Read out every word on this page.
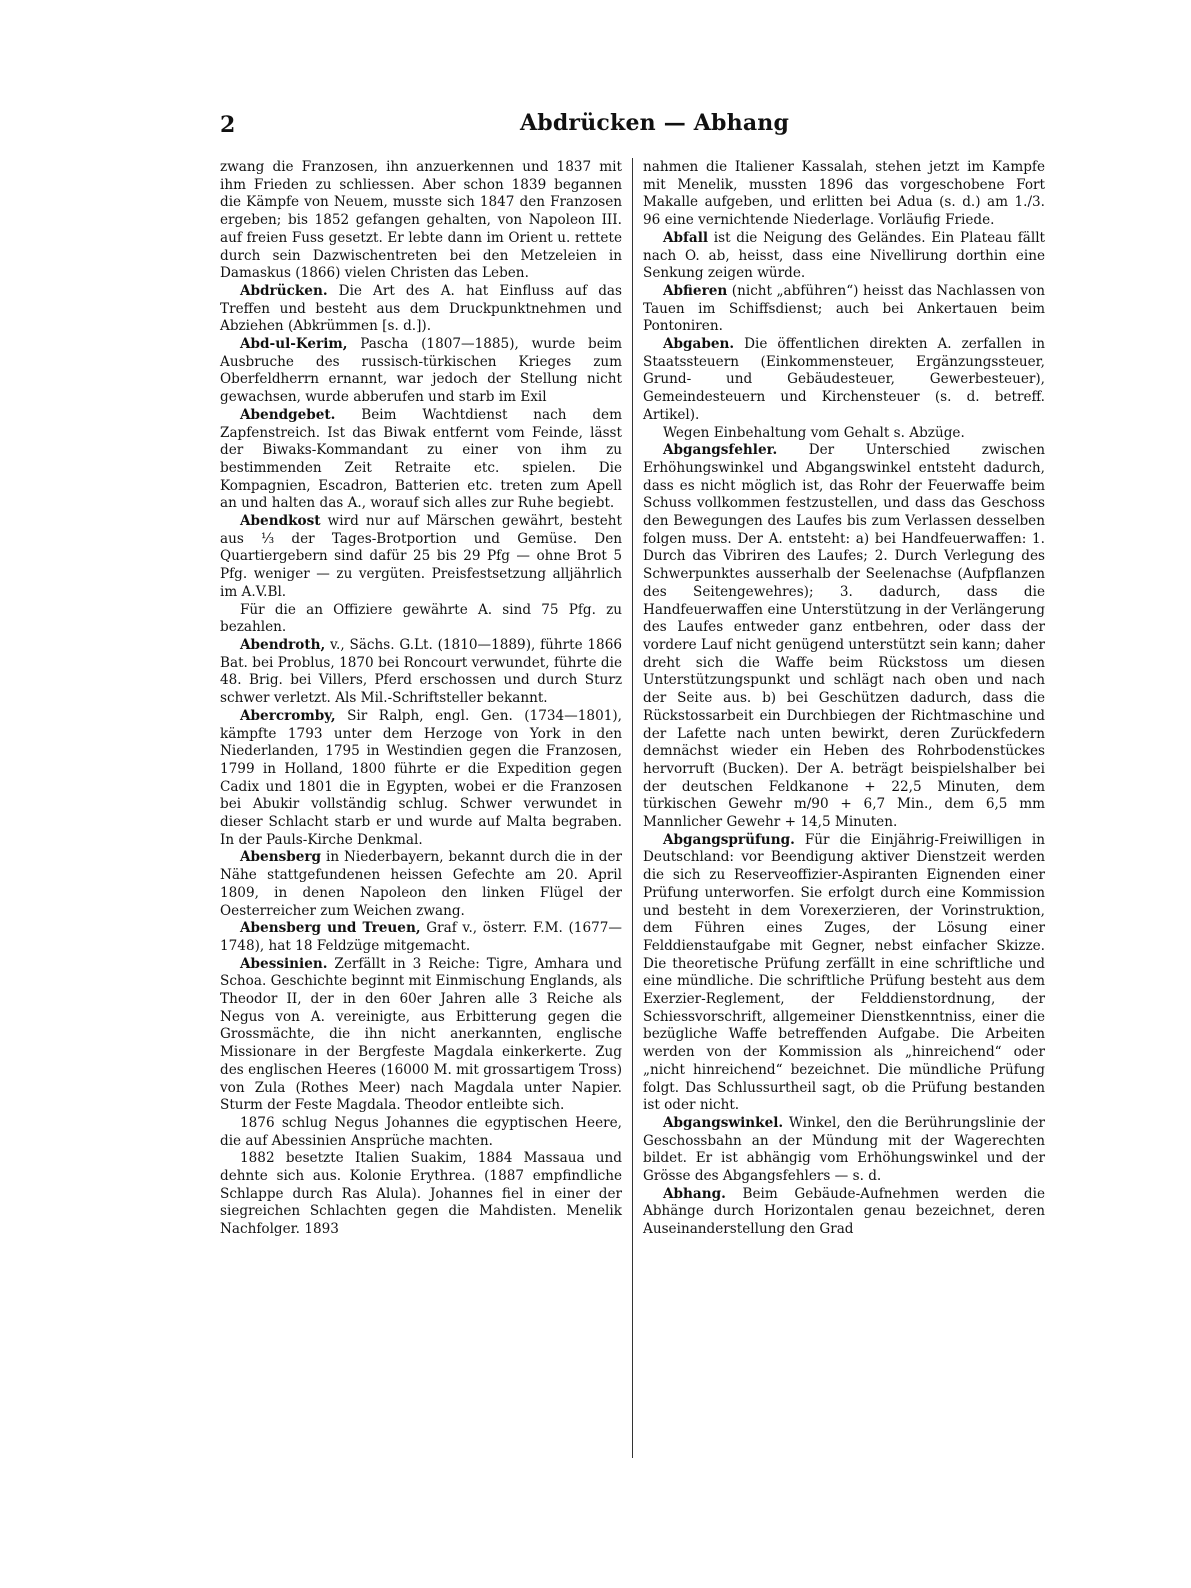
2	Abdrücken — Abhang

zwang die Franzosen, ihn anzuerkennen und 1837 mit ihm Frieden zu schliessen. Aber schon 1839 begannen die Kämpfe von Neuem, musste sich 1847 den Franzosen ergeben; bis 1852 gefangen gehalten, von Napoleon III. auf freien Fuss gesetzt. Er lebte dann im Orient u. rettete durch sein Dazwischentreten bei den Metzeleien in Damaskus (1866) vielen Christen das Leben.

Abdrücken. Die Art des A. hat Einfluss auf das Treffen und besteht aus dem Druckpunktnehmen und Abziehen (Abkrümmen [s. d.]).

Abd-ul-Kerim, Pascha (1807—1885), wurde beim Ausbruche des russisch-türkischen Krieges zum Oberfeldherrn ernannt, war jedoch der Stellung nicht gewachsen, wurde abberufen und starb im Exil

Abendgebet. Beim Wachtdienst nach dem Zapfenstreich. Ist das Biwak entfernt vom Feinde, lässt der Biwaks-Kommandant zu einer von ihm zu bestimmenden Zeit Retraite etc. spielen. Die Kompagnien, Escadron, Batterien etc. treten zum Apell an und halten das A., worauf sich alles zur Ruhe begiebt.

Abendkost wird nur auf Märschen gewährt, besteht aus ⅓ der Tages-Brotportion und Gemüse. Den Quartiergebern sind dafür 25 bis 29 Pfg — ohne Brot 5 Pfg. weniger — zu vergüten. Preisfestsetzung alljährlich im A.V.Bl.

Für die an Offiziere gewährte A. sind 75 Pfg. zu bezahlen.

Abendroth, v., Sächs. G.Lt. (1810—1889), führte 1866 Bat. bei Problus, 1870 bei Roncourt verwundet, führte die 48. Brig. bei Villers, Pferd erschossen und durch Sturz schwer verletzt. Als Mil.-Schriftsteller bekannt.

Abercromby, Sir Ralph, engl. Gen. (1734—1801), kämpfte 1793 unter dem Herzoge von York in den Niederlanden, 1795 in Westindien gegen die Franzosen, 1799 in Holland, 1800 führte er die Expedition gegen Cadix und 1801 die in Egypten, wobei er die Franzosen bei Abukir vollständig schlug. Schwer verwundet in dieser Schlacht starb er und wurde auf Malta begraben. In der Pauls-Kirche Denkmal.

Abensberg in Niederbayern, bekannt durch die in der Nähe stattgefundenen heissen Gefechte am 20. April 1809, in denen Napoleon den linken Flügel der Oesterreicher zum Weichen zwang.

Abensberg und Treuen, Graf v., österr. F.M. (1677—1748), hat 18 Feldzüge mitgemacht.

Abessinien. Zerfällt in 3 Reiche: Tigre, Amhara und Schoa. Geschichte beginnt mit Einmischung Englands, als Theodor II, der in den 60er Jahren alle 3 Reiche als Negus von A. vereinigte, aus Erbitterung gegen die Grossmächte, die ihn nicht anerkannten, englische Missionare in der Bergfeste Magdala einkerkerte. Zug des englischen Heeres (16000 M. mit grossartigem Tross) von Zula (Rothes Meer) nach Magdala unter Napier. Sturm der Feste Magdala. Theodor entleibte sich.

1876 schlug Negus Johannes die egyptischen Heere, die auf Abessinien Ansprüche machten.

1882 besetzte Italien Suakim, 1884 Massaua und dehnte sich aus. Kolonie Erythrea. (1887 empfindliche Schlappe durch Ras Alula). Johannes fiel in einer der siegreichen Schlachten gegen die Mahdisten. Menelik Nachfolger. 1893

nahmen die Italiener Kassalah, stehen jetzt im Kampfe mit Menelik, mussten 1896 das vorgeschobene Fort Makalle aufgeben, und erlitten bei Adua (s. d.) am 1./3. 96 eine vernichtende Niederlage. Vorläufig Friede.

Abfall ist die Neigung des Geländes. Ein Plateau fällt nach O. ab, heisst, dass eine Nivellirung dorthin eine Senkung zeigen würde.

Abfieren (nicht „abführen“) heisst das Nachlassen von Tauen im Schiffsdienst; auch bei Ankertauen beim Pontoniren.

Abgaben. Die öffentlichen direkten A. zerfallen in Staatssteuern (Einkommensteuer, Ergänzungssteuer, Grund- und Gebäudesteuer, Gewerbesteuer), Gemeindesteuern und Kirchensteuer (s. d. betreff. Artikel).

Wegen Einbehaltung vom Gehalt s. Abzüge.

Abgangsfehler. Der Unterschied zwischen Erhöhungswinkel und Abgangswinkel entsteht dadurch, dass es nicht möglich ist, das Rohr der Feuerwaffe beim Schuss vollkommen festzustellen, und dass das Geschoss den Bewegungen des Laufes bis zum Verlassen desselben folgen muss. Der A. entsteht: a) bei Handfeuerwaffen: 1. Durch das Vibriren des Laufes; 2. Durch Verlegung des Schwerpunktes ausserhalb der Seelenachse (Aufpflanzen des Seitengewehres); 3. dadurch, dass die Handfeuerwaffen eine Unterstützung in der Verlängerung des Laufes entweder ganz entbehren, oder dass der vordere Lauf nicht genügend unterstützt sein kann; daher dreht sich die Waffe beim Rückstoss um diesen Unterstützungspunkt und schlägt nach oben und nach der Seite aus. b) bei Geschützen dadurch, dass die Rückstossarbeit ein Durchbiegen der Richtmaschine und der Lafette nach unten bewirkt, deren Zurückfedern demnächst wieder ein Heben des Rohrbodenstückes hervorruft (Bucken). Der A. beträgt beispielshalber bei der deutschen Feldkanone + 22,5 Minuten, dem türkischen Gewehr m/90 + 6,7 Min., dem 6,5 mm Mannlicher Gewehr + 14,5 Minuten.

Abgangsprüfung. Für die Einjährig-Freiwilligen in Deutschland: vor Beendigung aktiver Dienstzeit werden die sich zu Reserveoffizier-Aspiranten Eignenden einer Prüfung unterworfen. Sie erfolgt durch eine Kommission und besteht in dem Vorexerzieren, der Vorinstruktion, dem Führen eines Zuges, der Lösung einer Felddienstaufgabe mit Gegner, nebst einfacher Skizze. Die theoretische Prüfung zerfällt in eine schriftliche und eine mündliche. Die schriftliche Prüfung besteht aus dem Exerzier-Reglement, der Felddienstordnung, der Schiessvorschrift, allgemeiner Dienstkenntniss, einer die bezügliche Waffe betreffenden Aufgabe. Die Arbeiten werden von der Kommission als „hinreichend“ oder „nicht hinreichend“ bezeichnet. Die mündliche Prüfung folgt. Das Schlussurtheil sagt, ob die Prüfung bestanden ist oder nicht.

Abgangswinkel. Winkel, den die Berührungslinie der Geschossbahn an der Mündung mit der Wagerechten bildet. Er ist abhängig vom Erhöhungswinkel und der Grösse des Abgangsfehlers — s. d.

Abhang. Beim Gebäude-Aufnehmen werden die Abhänge durch Horizontalen genau bezeichnet, deren Auseinanderstellung den Grad
